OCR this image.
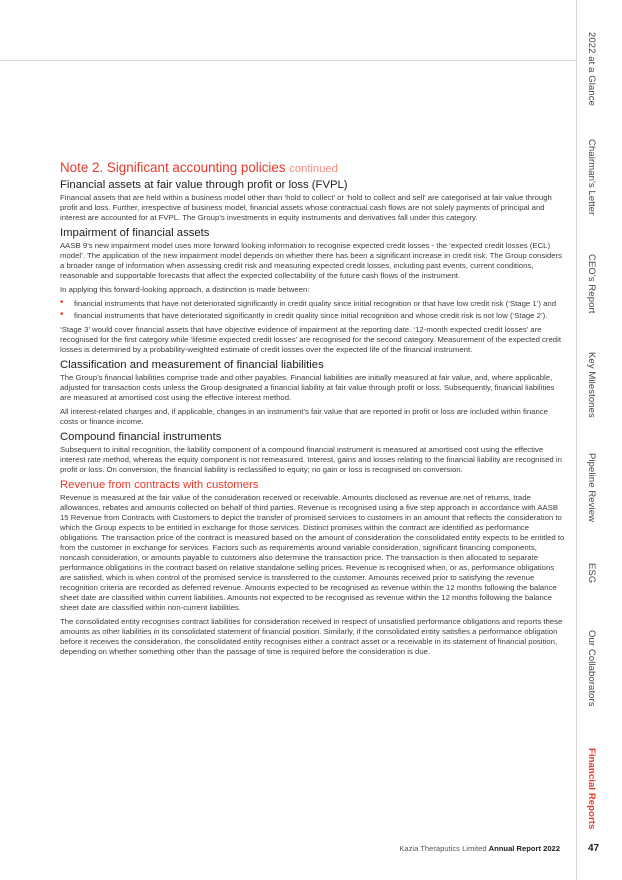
2022 at a Glance
Chairman's Letter
CEO's Report
Key Milestones
Pipeline Review
ESG
Our Collaborators
Financial Reports
Note 2. Significant accounting policies continued
Financial assets at fair value through profit or loss (FVPL)

Financial assets that are held within a business model other than ‘hold to collect’ or ‘hold to collect and sell’ are categorised at fair value through profit and loss. Further, irrespective of business model, financial assets whose contractual cash flows are not solely payments of principal and interest are accounted for at FVPL. The Group’s investments in equity instruments and derivatives fall under this category.

Impairment of financial assets

AASB 9’s new impairment model uses more forward looking information to recognise expected credit losses - the ‘expected credit losses (ECL) model’. The application of the new impairment model depends on whether there has been a significant increase in credit risk. The Group considers a broader range of information when assessing credit risk and measuring expected credit losses, including past events, current conditions, reasonable and supportable forecasts that affect the expected collectability of the future cash flows of the instrument.

In applying this forward-looking approach, a distinction is made between:

• financial instruments that have not deteriorated significantly in credit quality since initial recognition or that have low credit risk (‘Stage 1’) and
• financial instruments that have deteriorated significantly in credit quality since initial recognition and whose credit risk is not low (‘Stage 2’).

‘Stage 3’ would cover financial assets that have objective evidence of impairment at the reporting date. ‘12-month expected credit losses’ are recognised for the first category while ‘lifetime expected credit losses’ are recognised for the second category. Measurement of the expected credit losses is determined by a probability-weighted estimate of credit losses over the expected life of the financial instrument.

Classification and measurement of financial liabilities

The Group’s financial liabilities comprise trade and other payables. Financial liabilities are initially measured at fair value, and, where applicable, adjusted for transaction costs unless the Group designated a financial liability at fair value through profit or loss. Subsequently, financial liabilities are measured at amortised cost using the effective interest method.

All interest-related charges and, if applicable, changes in an instrument’s fair value that are reported in profit or loss are included within finance costs or finance income.

Compound financial instruments

Subsequent to initial recognition, the liability component of a compound financial instrument is measured at amortised cost using the effective interest rate method, whereas the equity component is not remeasured. Interest, gains and losses relating to the financial liability are recognised in profit or loss. On conversion, the financial liability is reclassified to equity; no gain or loss is recognised on conversion.

Revenue from contracts with customers

Revenue is measured at the fair value of the consideration received or receivable. Amounts disclosed as revenue are net of returns, trade allowances, rebates and amounts collected on behalf of third parties. Revenue is recognised using a five step approach in accordance with AASB 15 Revenue from Contracts with Customers to depict the transfer of promised services to customers in an amount that reflects the consideration to which the Group expects to be entitled in exchange for those services. Distinct promises within the contract are identified as performance obligations. The transaction price of the contract is measured based on the amount of consideration the consolidated entity expects to be entitled to from the customer in exchange for services. Factors such as requirements around variable consideration, significant financing components, noncash consideration, or amounts payable to customers also determine the transaction price. The transaction is then allocated to separate performance obligations in the contract based on relative standalone selling prices. Revenue is recognised when, or as, performance obligations are satisfied, which is when control of the promised service is transferred to the customer. Amounts received prior to satisfying the revenue recognition criteria are recorded as deferred revenue. Amounts expected to be recognised as revenue within the 12 months following the balance sheet date are classified within current liabilities. Amounts not expected to be recognised as revenue within the 12 months following the balance sheet date are classified within non-current liabilities.

The consolidated entity recognises contract liabilities for consideration received in respect of unsatisfied performance obligations and reports these amounts as other liabilities in its consolidated statement of financial position. Similarly, if the consolidated entity satisfies a performance obligation before it receives the consideration, the consolidated entity recognises either a contract asset or a receivable in its statement of financial position, depending on whether something other than the passage of time is required before the consideration is due.

Kazia Theraputics Limited Annual Report 2022	47
